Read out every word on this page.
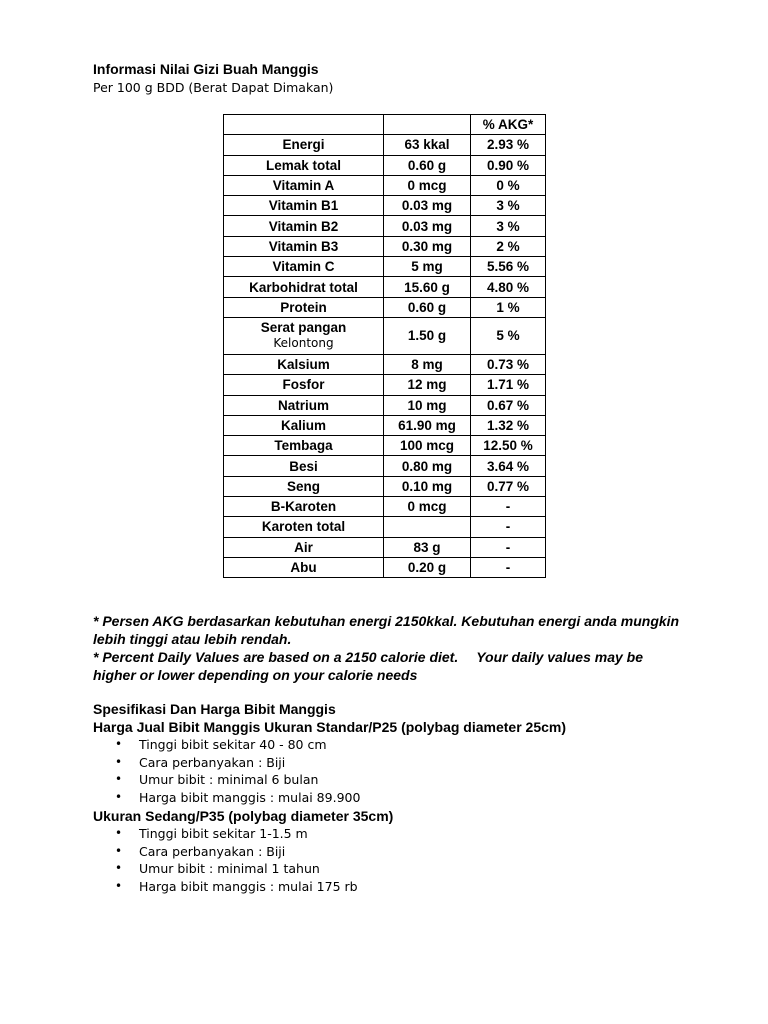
Informasi Nilai Gizi Buah Manggis

Per 100 g BDD (Berat Dapat Dimakan)

		% AKG*
Energi	63 kkal	2.93 %
Lemak total	0.60 g	0.90 %
Vitamin A	0 mcg	0 %
Vitamin B1	0.03 mg	3 %
Vitamin B2	0.03 mg	3 %
Vitamin B3	0.30 mg	2 %
Vitamin C	5 mg	5.56 %
Karbohidrat total	15.60 g	4.80 %
Protein	0.60 g	1 %
Serat pangan
Kelontong	1.50 g	5 %
Kalsium	8 mg	0.73 %
Fosfor	12 mg	1.71 %
Natrium	10 mg	0.67 %
Kalium	61.90 mg	1.32 %
Tembaga	100 mcg	12.50 %
Besi	0.80 mg	3.64 %
Seng	0.10 mg	0.77 %
B-Karoten	0 mcg	-
Karoten total		-
Air	83 g	-
Abu	0.20 g	-

* Persen AKG berdasarkan kebutuhan energi 2150kkal. Kebutuhan energi anda mungkin lebih tinggi atau lebih rendah.

* Percent Daily Values are based on a 2150 calorie diet. Your daily values may be higher or lower depending on your calorie needs

Spesifikasi Dan Harga Bibit Manggis
Harga Jual Bibit Manggis Ukuran Standar/P25 (polybag diameter 25cm)
• Tinggi bibit sekitar 40 - 80 cm
• Cara perbanyakan : Biji
• Umur bibit : minimal 6 bulan
• Harga bibit manggis : mulai 89.900
Ukuran Sedang/P35 (polybag diameter 35cm)
• Tinggi bibit sekitar 1-1.5 m
• Cara perbanyakan : Biji
• Umur bibit : minimal 1 tahun
• Harga bibit manggis : mulai 175 rb
